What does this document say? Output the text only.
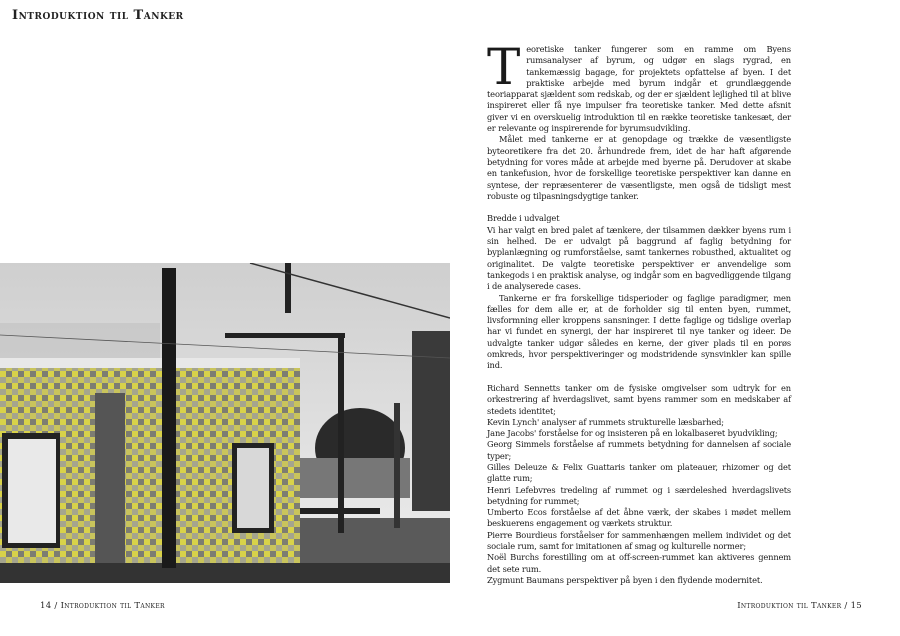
Introduktion til Tanker

T eoretiske tanker fungerer som en ramme om Byens rumsanalyser af byrum, og udgør en slags rygrad, en tankemæssig bagage, for projektets opfattelse af byen. I det praktiske arbejde med byrum indgår et grundlæggende teoriapparat sjældent som redskab, og der er sjældent lejlighed til at blive inspireret eller få nye impulser fra teoretiske tanker. Med dette afsnit giver vi en overskuelig introduktion til en række teoretiske tankesæt, der er relevante og inspirerende for byrumsudvikling.

Målet med tankerne er at genopdage og trække de væsentligste byteoretikere fra det 20. århundrede frem, idet de har haft afgørende betydning for vores måde at arbejde med byerne på. Derudover at skabe en tankefusion, hvor de forskellige teoretiske perspektiver kan danne en syntese, der repræsenterer de væsentligste, men også de tidsligt mest robuste og tilpasningsdygtige tanker.

Bredde i udvalget

Vi har valgt en bred palet af tænkere, der tilsammen dækker byens rum i sin helhed. De er udvalgt på baggrund af faglig betydning for byplanlægning og rumforståelse, samt tankernes robusthed, aktualitet og originalitet. De valgte teoretiske perspektiver er anvendelige som tankegods i en praktisk analyse, og indgår som en bagvedliggende tilgang i de analyserede cases.

Tankerne er fra forskellige tidsperioder og faglige paradigmer, men fælles for dem alle er, at de forholder sig til enten byen, rummet, livsformning eller kroppens sansninger. I dette faglige og tidslige overlap har vi fundet en synergi, der har inspireret til nye tanker og ideer. De udvalgte tanker udgør således en kerne, der giver plads til en porøs omkreds, hvor perspektiveringer og modstridende synsvinkler kan spille ind.

Richard Sennetts tanker om de fysiske omgivelser som udtryk for en orkestrering af hverdagslivet, samt byens rammer som en medskaber af stedets identitet;
Kevin Lynch' analyser af rummets strukturelle læsbarhed;
Jane Jacobs' forståelse for og insisteren på en lokalbaseret byudvikling;
Georg Simmels forståelse af rummets betydning for dannelsen af sociale typer;
Gilles Deleuze & Felix Guattaris tanker om plateauer, rhizomer og det glatte rum;
Henri Lefebvres tredeling af rummet og i særdeleshed hverdagslivets betydning for rummet;
Umberto Ecos forståelse af det åbne værk, der skabes i mødet mellem beskuerens engagement og værkets struktur.
Pierre Bourdieus forståelser for sammenhængen mellem individet og det sociale rum, samt for imitationen af smag og kulturelle normer;
Noël Burchs forestilling om at off-screen-rummet kan aktiveres gennem det sete rum.
Zygmunt Baumans perspektiver på byen i den flydende modernitet.
14 / Introduktion til Tanker	Introduktion til Tanker / 15
